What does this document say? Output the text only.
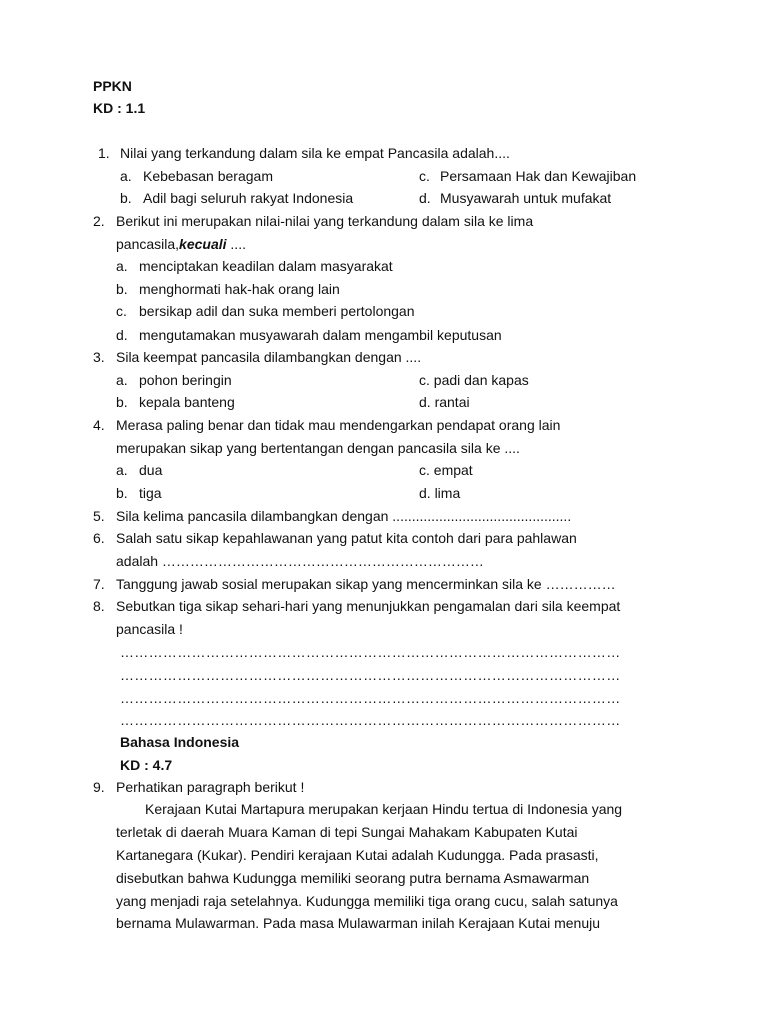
PPKN
KD : 1.1
1. Nilai yang terkandung dalam sila ke empat Pancasila adalah....
a. Kebebasan beragam	c. Persamaan Hak dan Kewajiban
b. Adil bagi seluruh rakyat Indonesia	d. Musyawarah untuk mufakat
2. Berikut ini merupakan nilai-nilai yang terkandung dalam sila ke lima
pancasila,kecuali ....
a. menciptakan keadilan dalam masyarakat
b. menghormati hak-hak orang lain
c. bersikap adil dan suka memberi pertolongan
d. mengutamakan musyawarah dalam mengambil keputusan
3. Sila keempat pancasila dilambangkan dengan ....
a. pohon beringin	c. padi dan kapas
b. kepala banteng	d. rantai
4. Merasa paling benar dan tidak mau mendengarkan pendapat orang lain
merupakan sikap yang bertentangan dengan pancasila sila ke ....
a. dua	c. empat
b. tiga	d. lima
5. Sila kelima pancasila dilambangkan dengan ..............................................
6. Salah satu sikap kepahlawanan yang patut kita contoh dari para pahlawan
adalah ……………………………………………………………
7. Tanggung jawab sosial merupakan sikap yang mencerminkan sila ke ……………
8. Sebutkan tiga sikap sehari-hari yang menunjukkan pengamalan dari sila keempat
pancasila !
……………………………………………………………………………………………
……………………………………………………………………………………………
……………………………………………………………………………………………
……………………………………………………………………………………………
Bahasa Indonesia
KD : 4.7
9. Perhatikan paragraph berikut !
Kerajaan Kutai Martapura merupakan kerjaan Hindu tertua di Indonesia yang
terletak di daerah Muara Kaman di tepi Sungai Mahakam Kabupaten Kutai
Kartanegara (Kukar). Pendiri kerajaan Kutai adalah Kudungga. Pada prasasti,
disebutkan bahwa Kudungga memiliki seorang putra bernama Asmawarman
yang menjadi raja setelahnya. Kudungga memiliki tiga orang cucu, salah satunya
bernama Mulawarman. Pada masa Mulawarman inilah Kerajaan Kutai menuju
